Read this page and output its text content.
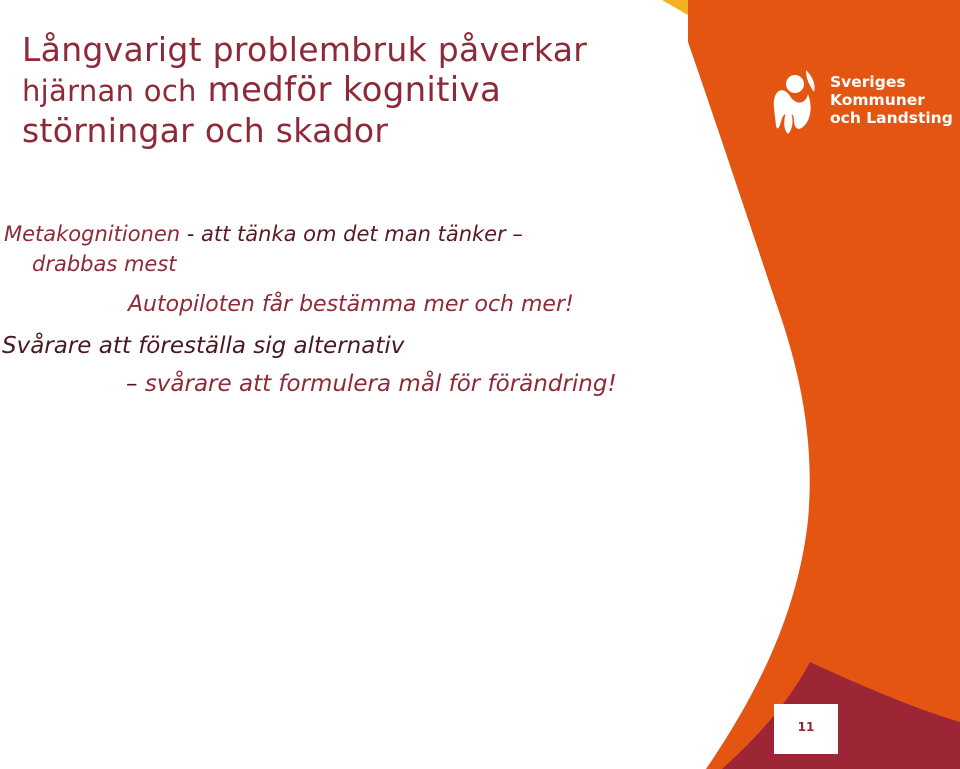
Långvarigt problembruk påverkar
hjärnan och medför kognitiva
störningar och skador
Metakognitionen - att tänka om det man tänker –
drabbas mest
Autopiloten får bestämma mer och mer!
Svårare att föreställa sig alternativ
– svårare att formulera mål för förändring!
Sveriges
Kommuner
och Landsting
11
